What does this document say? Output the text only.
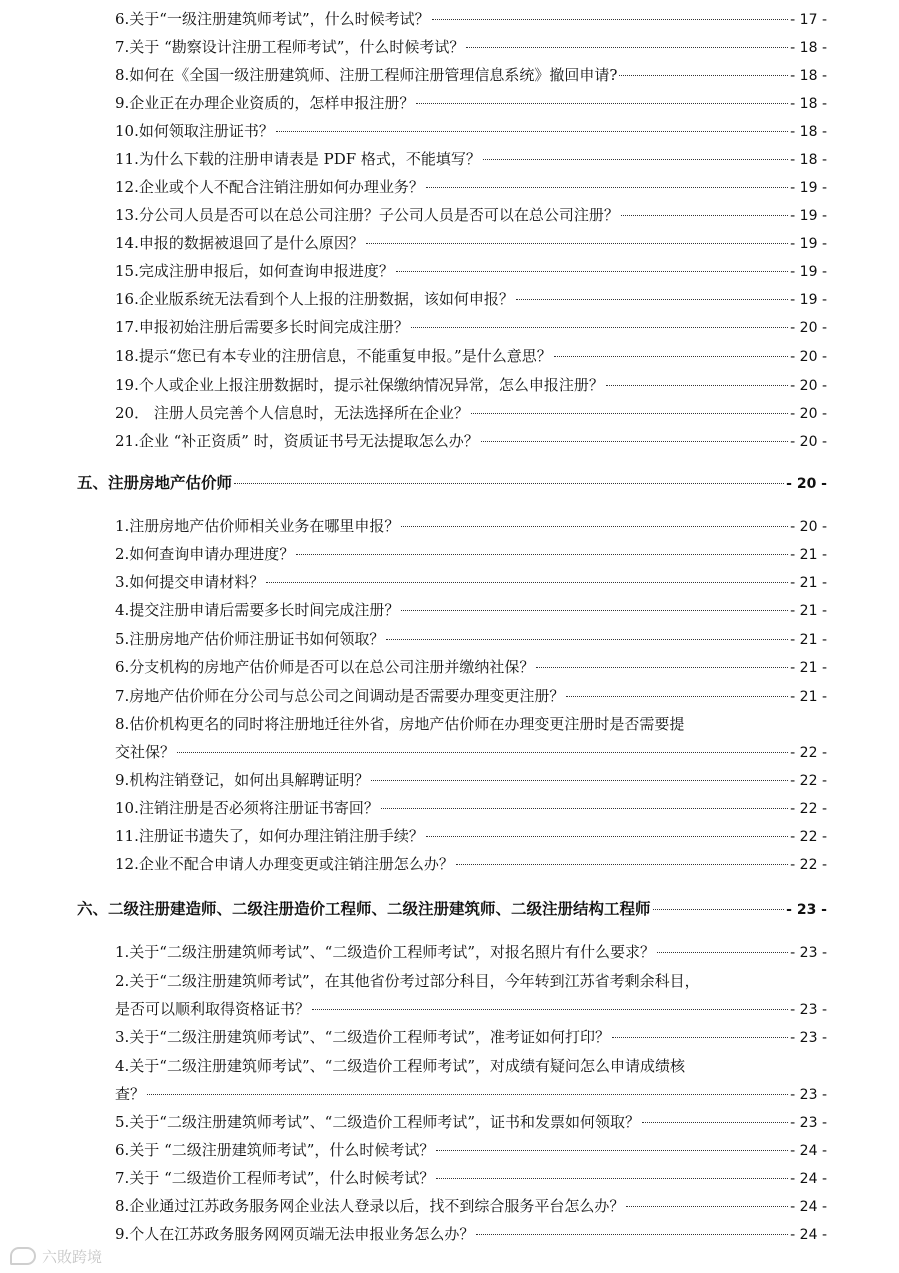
6.关于“一级注册建筑师考试”，什么时候考试？	- 17 -
7.关于 “勘察设计注册工程师考试”，什么时候考试？	- 18 -
8.如何在《全国一级注册建筑师、注册工程师注册管理信息系统》撤回申请?	- 18 -
9.企业正在办理企业资质的，怎样申报注册？	- 18 -
10.如何领取注册证书？	- 18 -
11.为什么下载的注册申请表是 PDF 格式，不能填写？	- 18 -
12.企业或个人不配合注销注册如何办理业务？	- 19 -
13.分公司人员是否可以在总公司注册？子公司人员是否可以在总公司注册？	- 19 -
14.申报的数据被退回了是什么原因？	- 19 -
15.完成注册申报后，如何查询申报进度？	- 19 -
16.企业版系统无法看到个人上报的注册数据，该如何申报？	- 19 -
17.申报初始注册后需要多长时间完成注册？	- 20 -
18.提示“您已有本专业的注册信息，不能重复申报。”是什么意思？	- 20 -
19.个人或企业上报注册数据时，提示社保缴纳情况异常，怎么申报注册？	- 20 -
20． 注册人员完善个人信息时，无法选择所在企业？	- 20 -
21.企业 “补正资质” 时，资质证书号无法提取怎么办？	- 20 -
五、注册房地产估价师	- 20 -
1.注册房地产估价师相关业务在哪里申报？	- 20 -
2.如何查询申请办理进度？	- 21 -
3.如何提交申请材料？	- 21 -
4.提交注册申请后需要多长时间完成注册？	- 21 -
5.注册房地产估价师注册证书如何领取？	- 21 -
6.分支机构的房地产估价师是否可以在总公司注册并缴纳社保？	- 21 -
7.房地产估价师在分公司与总公司之间调动是否需要办理变更注册？	- 21 -
8.估价机构更名的同时将注册地迁往外省，房地产估价师在办理变更注册时是否需要提
交社保？	- 22 -
9.机构注销登记，如何出具解聘证明？	- 22 -
10.注销注册是否必须将注册证书寄回？	- 22 -
11.注册证书遗失了，如何办理注销注册手续？	- 22 -
12.企业不配合申请人办理变更或注销注册怎么办？	- 22 -
六、二级注册建造师、二级注册造价工程师、二级注册建筑师、二级注册结构工程师	- 23 -
1.关于“二级注册建筑师考试”、“二级造价工程师考试”，对报名照片有什么要求？	- 23 -
2.关于“二级注册建筑师考试”，在其他省份考过部分科目，今年转到江苏省考剩余科目，
是否可以顺利取得资格证书？	- 23 -
3.关于“二级注册建筑师考试”、“二级造价工程师考试”，准考证如何打印？	- 23 -
4.关于“二级注册建筑师考试”、“二级造价工程师考试”，对成绩有疑问怎么申请成绩核
查？	- 23 -
5.关于“二级注册建筑师考试”、“二级造价工程师考试”，证书和发票如何领取？	- 23 -
6.关于 “二级注册建筑师考试”，什么时候考试？	- 24 -
7.关于 “二级造价工程师考试”，什么时候考试？	- 24 -
8.企业通过江苏政务服务网企业法人登录以后，找不到综合服务平台怎么办？	- 24 -
9.个人在江苏政务服务网网页端无法申报业务怎么办？	- 24 -
六敗跨境
